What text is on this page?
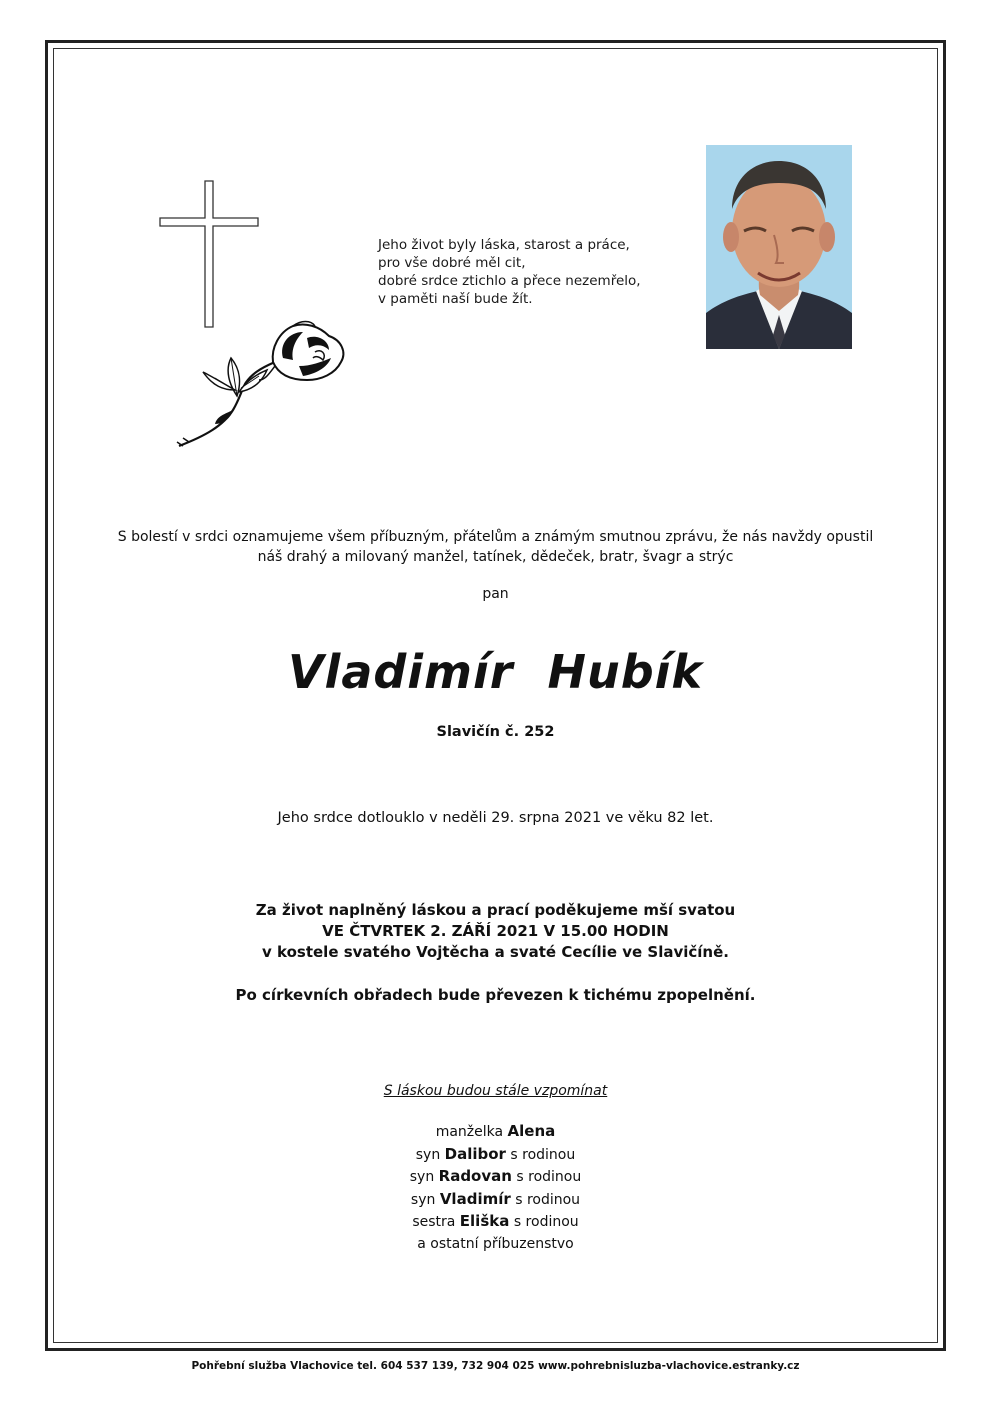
Jeho život byly láska, starost a práce,
pro vše dobré měl cit,
dobré srdce ztichlo a přece nezemřelo,
v paměti naší bude žít.
S bolestí v srdci oznamujeme všem příbuzným, přátelům a známým smutnou zprávu, že nás navždy opustil
náš drahý a milovaný manžel, tatínek, dědeček, bratr, švagr a strýc
pan
Vladimír Hubík
Slavičín č. 252
Jeho srdce dotlouklo v neděli 29. srpna 2021 ve věku 82 let.
Za život naplněný láskou a prací poděkujeme mší svatou
VE ČTVRTEK 2. ZÁŘÍ 2021 V 15.00 HODIN
v kostele svatého Vojtěcha a svaté Cecílie ve Slavičíně.
Po církevních obřadech bude převezen k tichému zpopelnění.
S láskou budou stále vzpomínat
manželka Alena
syn Dalibor s rodinou
syn Radovan s rodinou
syn Vladimír s rodinou
sestra Eliška s rodinou
a ostatní příbuzenstvo
Pohřební služba Vlachovice tel. 604 537 139, 732 904 025 www.pohrebnisluzba-vlachovice.estranky.cz
